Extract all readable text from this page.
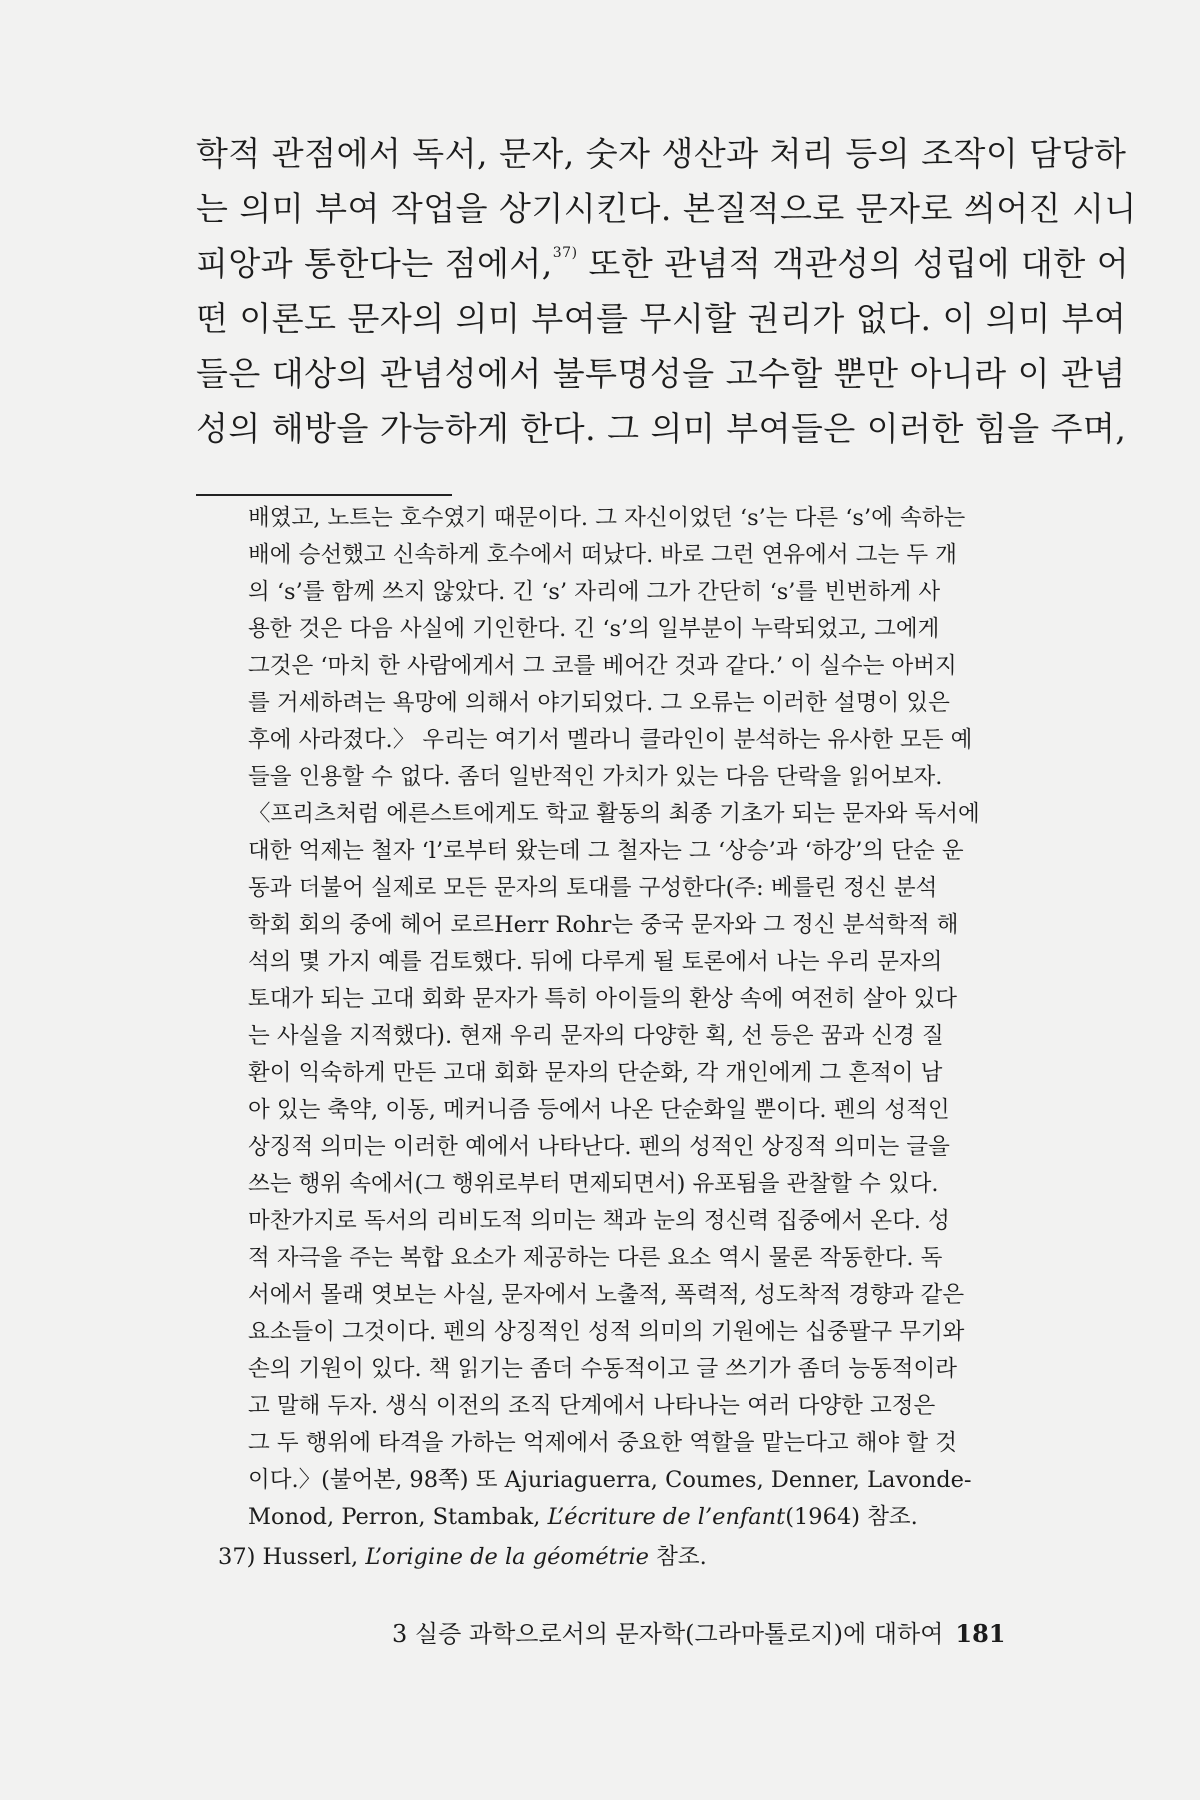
학적 관점에서 독서, 문자, 숫자 생산과 처리 등의 조작이 담당하

는 의미 부여 작업을 상기시킨다. 본질적으로 문자로 씌어진 시니

피앙과 통한다는 점에서,$^{37)}$ 또한 관념적 객관성의 성립에 대한 어

떤 이론도 문자의 의미 부여를 무시할 권리가 없다. 이 의미 부여

들은 대상의 관념성에서 불투명성을 고수할 뿐만 아니라 이 관념

성의 해방을 가능하게 한다. 그 의미 부여들은 이러한 힘을 주며,

배였고, 노트는 호수였기 때문이다. 그 자신이었던 ‘s’는 다른 ‘s’에 속하는

배에 승선했고 신속하게 호수에서 떠났다. 바로 그런 연유에서 그는 두 개

의 ‘s’를 함께 쓰지 않았다. 긴 ‘s’ 자리에 그가 간단히 ‘s’를 빈번하게 사

용한 것은 다음 사실에 기인한다. 긴 ‘s’의 일부분이 누락되었고, 그에게

그것은 ‘마치 한 사람에게서 그 코를 베어간 것과 같다.’ 이 실수는 아버지

를 거세하려는 욕망에 의해서 야기되었다. 그 오류는 이러한 설명이 있은

후에 사라졌다.〉 우리는 여기서 멜라니 클라인이 분석하는 유사한 모든 예

들을 인용할 수 없다. 좀더 일반적인 가치가 있는 다음 단락을 읽어보자.

〈프리츠처럼 에른스트에게도 학교 활동의 최종 기초가 되는 문자와 독서에

대한 억제는 철자 ‘l’로부터 왔는데 그 철자는 그 ‘상승’과 ‘하강’의 단순 운

동과 더불어 실제로 모든 문자의 토대를 구성한다(주: 베를린 정신 분석

학회 회의 중에 헤어 로르Herr Rohr는 중국 문자와 그 정신 분석학적 해

석의 몇 가지 예를 검토했다. 뒤에 다루게 될 토론에서 나는 우리 문자의

토대가 되는 고대 회화 문자가 특히 아이들의 환상 속에 여전히 살아 있다

는 사실을 지적했다). 현재 우리 문자의 다양한 획, 선 등은 꿈과 신경 질

환이 익숙하게 만든 고대 회화 문자의 단순화, 각 개인에게 그 흔적이 남

아 있는 축약, 이동, 메커니즘 등에서 나온 단순화일 뿐이다. 펜의 성적인

상징적 의미는 이러한 예에서 나타난다. 펜의 성적인 상징적 의미는 글을

쓰는 행위 속에서(그 행위로부터 면제되면서) 유포됨을 관찰할 수 있다.

마찬가지로 독서의 리비도적 의미는 책과 눈의 정신력 집중에서 온다. 성

적 자극을 주는 복합 요소가 제공하는 다른 요소 역시 물론 작동한다. 독

서에서 몰래 엿보는 사실, 문자에서 노출적, 폭력적, 성도착적 경향과 같은

요소들이 그것이다. 펜의 상징적인 성적 의미의 기원에는 십중팔구 무기와

손의 기원이 있다. 책 읽기는 좀더 수동적이고 글 쓰기가 좀더 능동적이라

고 말해 두자. 생식 이전의 조직 단계에서 나타나는 여러 다양한 고정은

그 두 행위에 타격을 가하는 억제에서 중요한 역할을 맡는다고 해야 할 것

이다.〉(불어본, 98쪽) 또 Ajuriaguerra, Coumes, Denner, Lavonde-

Monod, Perron, Stambak, L’écriture de l’enfant(1964) 참조.

37) Husserl, L’origine de la géométrie 참조.

3 실증 과학으로서의 문자학(그라마톨로지)에 대하여 181
